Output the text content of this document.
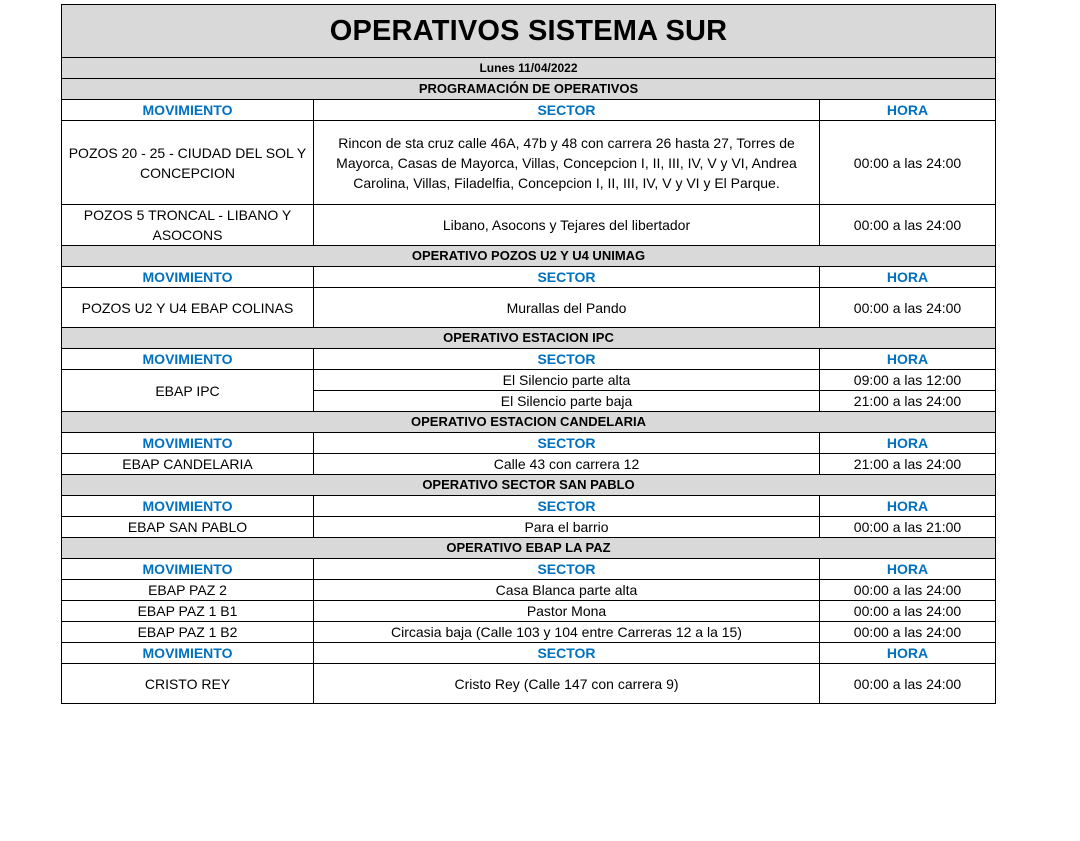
OPERATIVOS SISTEMA SUR		
Lunes 11/04/2022		
PROGRAMACIÓN DE OPERATIVOS		
MOVIMIENTO	SECTOR	HORA
POZOS 20 - 25 - CIUDAD DEL SOL Y CONCEPCION	Rincon de sta cruz calle 46A, 47b y 48 con carrera 26 hasta 27, Torres de Mayorca, Casas de Mayorca, Villas, Concepcion I, II, III, IV, V y VI, Andrea Carolina, Villas, Filadelfia, Concepcion I, II, III, IV, V y VI y El Parque.	00:00 a las 24:00
POZOS 5 TRONCAL - LIBANO Y ASOCONS	Libano, Asocons y Tejares del libertador	00:00 a las 24:00
OPERATIVO POZOS U2 Y U4 UNIMAG		
MOVIMIENTO	SECTOR	HORA
POZOS U2 Y U4 EBAP COLINAS	Murallas del Pando	00:00 a las 24:00
OPERATIVO ESTACION IPC		
MOVIMIENTO	SECTOR	HORA
EBAP IPC	El Silencio parte alta	09:00 a las 12:00
	El Silencio parte baja	21:00 a las 24:00
OPERATIVO ESTACION CANDELARIA		
MOVIMIENTO	SECTOR	HORA
EBAP CANDELARIA	Calle 43 con carrera 12	21:00 a las 24:00
OPERATIVO SECTOR SAN PABLO		
MOVIMIENTO	SECTOR	HORA
EBAP SAN PABLO	Para el barrio	00:00 a las 21:00
OPERATIVO EBAP LA PAZ		
MOVIMIENTO	SECTOR	HORA
EBAP PAZ 2	Casa Blanca parte alta	00:00 a las 24:00
EBAP PAZ 1 B1	Pastor Mona	00:00 a las 24:00
EBAP PAZ 1 B2	Circasia baja (Calle 103 y 104 entre Carreras 12 a la 15)	00:00 a las 24:00
MOVIMIENTO	SECTOR	HORA
CRISTO REY	Cristo Rey (Calle 147 con carrera 9)	00:00 a las 24:00
